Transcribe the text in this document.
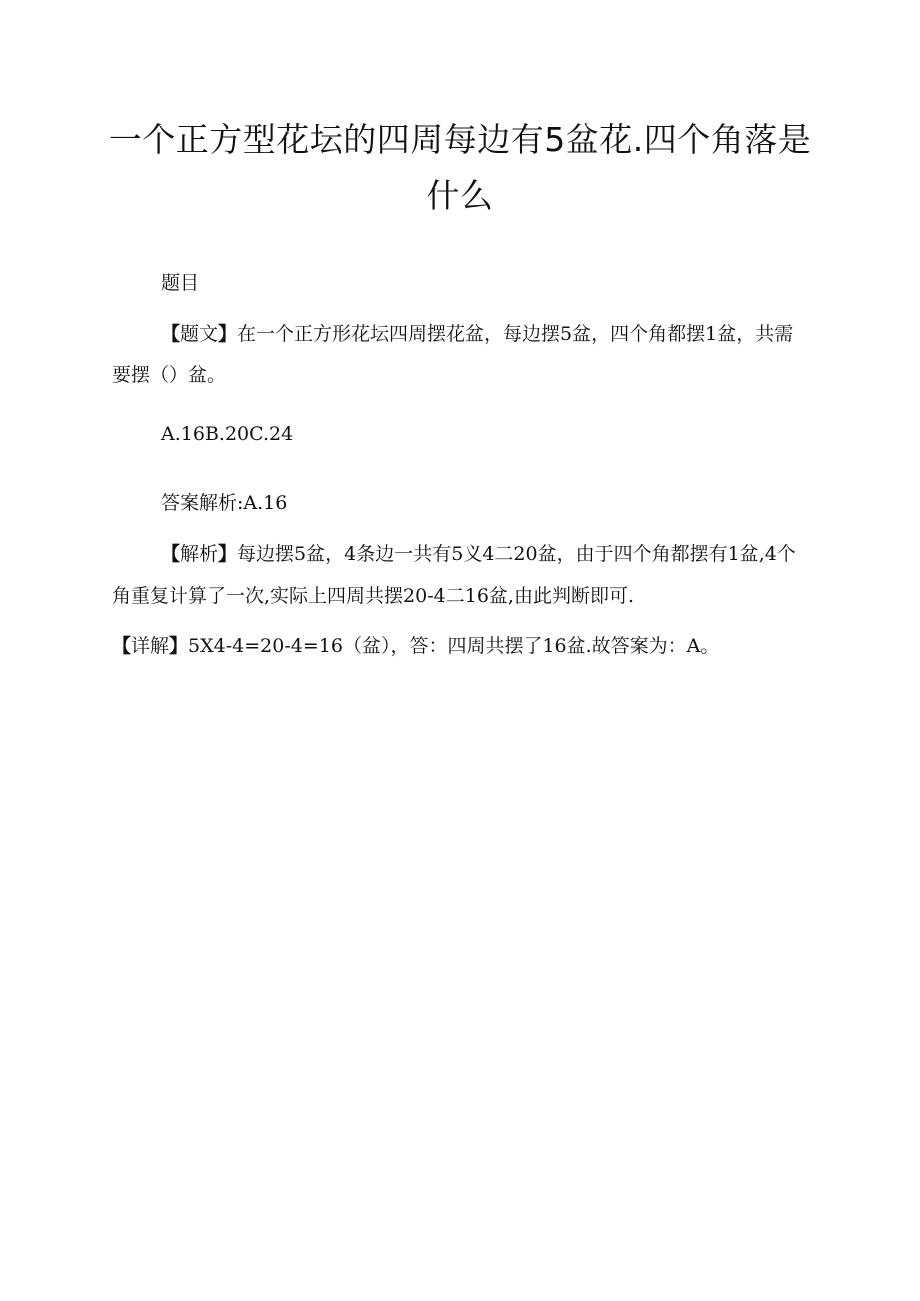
一个正方型花坛的四周每边有5盆花.四个角落是什么

题目

【题文】在一个正方形花坛四周摆花盆，每边摆5盆，四个角都摆1盆，共需要摆（）盆。

A.16B.20C.24

答案解析:A.16

【解析】每边摆5盆，4条边一共有5义4二20盆，由于四个角都摆有1盆,4个角重复计算了一次,实际上四周共摆20-4二16盆,由此判断即可.

【详解】5X4-4=20-4=16（盆），答：四周共摆了16盆.故答案为：A。
